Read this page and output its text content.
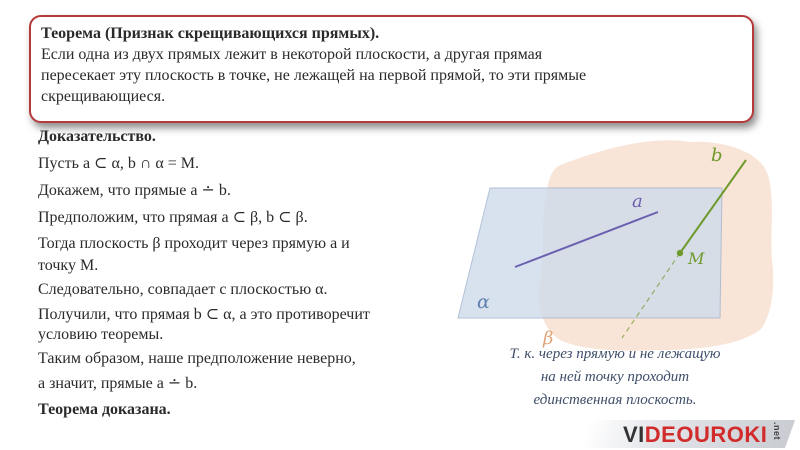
Теорема (Признак скрещивающихся прямых).
Если одна из двух прямых лежит в некоторой плоскости, а другая прямая
пересекает эту плоскость в точке, не лежащей на первой прямой, то эти прямые
скрещивающиеся.
b
a
M
α
β
Доказательство.
Пусть a ⊂ α, b ∩ α = M.
Докажем, что прямые a ∸ b.
Предположим, что прямая a ⊂ β, b ⊂ β.
Тогда плоскость β проходит через прямую a и
точку M.
Следовательно, совпадает с плоскостью α.
Получили, что прямая b ⊂ α, а это противоречит
условию теоремы.
Таким образом, наше предположение неверно,
а значит, прямые a ∸ b.
Теорема доказана.
Т. к. через прямую и не лежащую
на ней точку проходит
единственная плоскость.
VIDEOUROKI .net
